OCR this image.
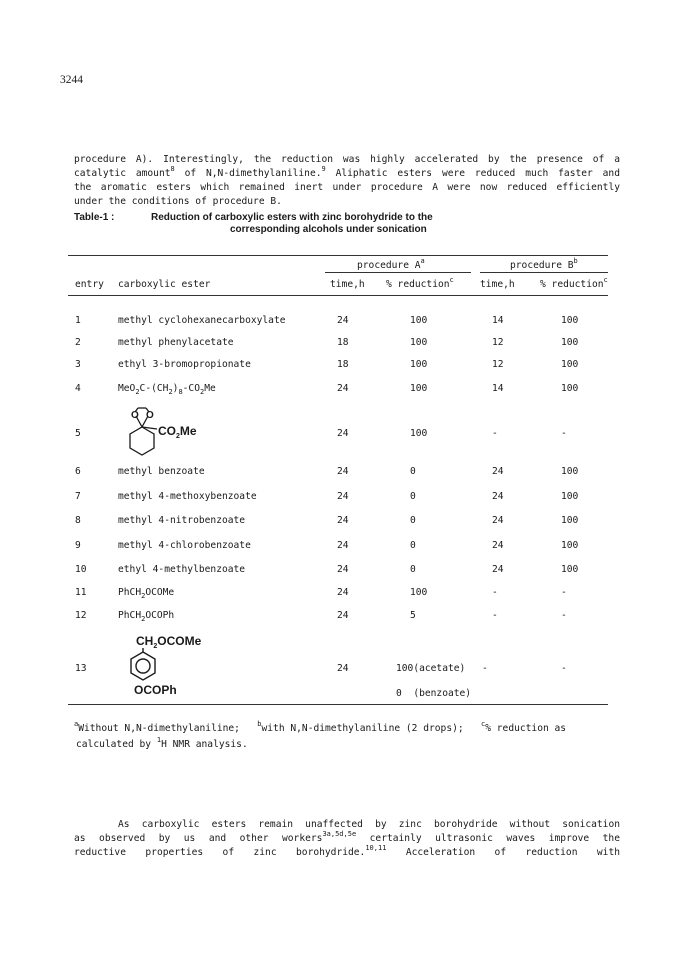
3244
procedure A). Interestingly, the reduction was highly accelerated by the presence of a
catalytic amount$^8$ of N,N-dimethylaniline.$^9$ Aliphatic esters were reduced much faster and
the aromatic esters which remained inert under procedure A were now reduced efficiently
under the conditions of procedure B.
Table-1 :	Reduction of carboxylic esters with zinc borohydride to the
corresponding alcohols under sonication
procedure $A^a$	procedure $B^b$
entry carboxylic ester	time,h % reduction$^c$	time,h	% reduction$^c$
1	methyl cyclohexanecarboxylate	24	100	14	100
2	methyl phenylacetate	18	100	12	100
3	ethyl 3-bromopropionate	18	100	12	100
4	$MeO_2C-(CH_2)_8-CO_2Me$	24	100	14	100
O O
$CO_2Me$
5	24	100	-	-
6	methyl benzoate	24	0	24	100
7	methyl 4-methoxybenzoate	24	0	24	100
8	methyl 4-nitrobenzoate	24	0	24	100
9	methyl 4-chlorobenzoate	24	0	24	100
10	ethyl 4-methylbenzoate	24	0	24	100
11	PhCH$_2$OCOMe	24	100	-	-
12	PhCH$_2$OCOPh	24	5	-	-
$CH_2OCOMe$
OCOPh
13	24	100(acetate) -	-
0  (benzoate)
$^a$Without N,N-dimethylaniline; $^b$with N,N-dimethylaniline (2 drops); $^c$% reduction as
calculated by $^1$H NMR analysis.
As carboxylic esters remain unaffected by zinc borohydride without sonication
as observed by us and other workers$^{3a,5d,5e}$ certainly ultrasonic waves improve the
reductive properties of zinc borohydride.$^{10,11}$ Acceleration of reduction with
